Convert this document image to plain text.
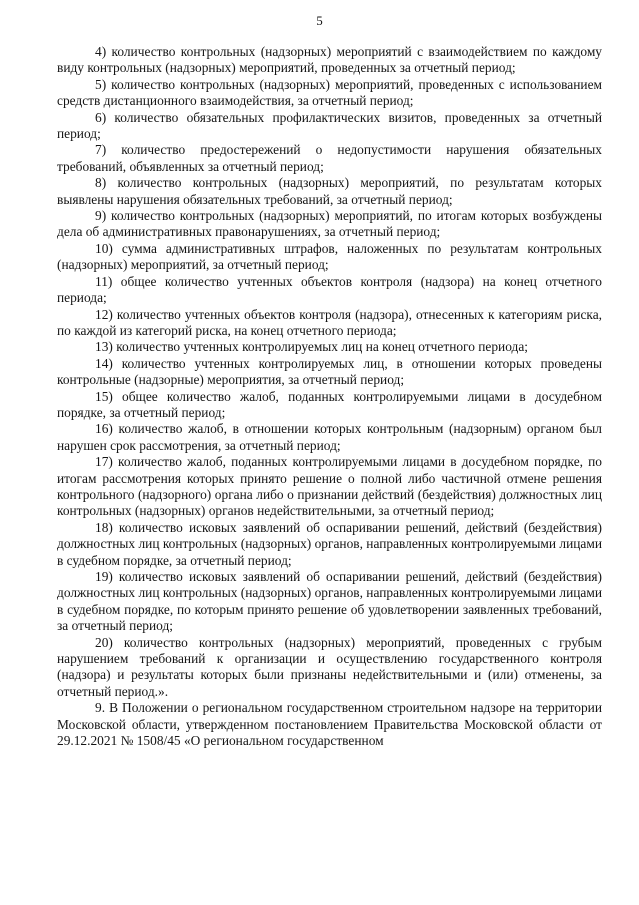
5

4) количество контрольных (надзорных) мероприятий с взаимодействием по каждому виду контрольных (надзорных) мероприятий, проведенных за отчетный период;

5) количество контрольных (надзорных) мероприятий, проведенных с использованием средств дистанционного взаимодействия, за отчетный период;

6) количество обязательных профилактических визитов, проведенных за отчетный период;

7) количество предостережений о недопустимости нарушения обязательных требований, объявленных за отчетный период;

8) количество контрольных (надзорных) мероприятий, по результатам которых выявлены нарушения обязательных требований, за отчетный период;

9) количество контрольных (надзорных) мероприятий, по итогам которых возбуждены дела об административных правонарушениях, за отчетный период;

10) сумма административных штрафов, наложенных по результатам контрольных (надзорных) мероприятий, за отчетный период;

11) общее количество учтенных объектов контроля (надзора) на конец отчетного периода;

12) количество учтенных объектов контроля (надзора), отнесенных к категориям риска, по каждой из категорий риска, на конец отчетного периода;

13) количество учтенных контролируемых лиц на конец отчетного периода;

14) количество учтенных контролируемых лиц, в отношении которых проведены контрольные (надзорные) мероприятия, за отчетный период;

15) общее количество жалоб, поданных контролируемыми лицами в досудебном порядке, за отчетный период;

16) количество жалоб, в отношении которых контрольным (надзорным) органом был нарушен срок рассмотрения, за отчетный период;

17) количество жалоб, поданных контролируемыми лицами в досудебном порядке, по итогам рассмотрения которых принято решение о полной либо частичной отмене решения контрольного (надзорного) органа либо о признании действий (бездействия) должностных лиц контрольных (надзорных) органов недействительными, за отчетный период;

18) количество исковых заявлений об оспаривании решений, действий (бездействия) должностных лиц контрольных (надзорных) органов, направленных контролируемыми лицами в судебном порядке, за отчетный период;

19) количество исковых заявлений об оспаривании решений, действий (бездействия) должностных лиц контрольных (надзорных) органов, направленных контролируемыми лицами в судебном порядке, по которым принято решение об удовлетворении заявленных требований, за отчетный период;

20) количество контрольных (надзорных) мероприятий, проведенных с грубым нарушением требований к организации и осуществлению государственного контроля (надзора) и результаты которых были признаны недействительными и (или) отменены, за отчетный период.».

9. В Положении о региональном государственном строительном надзоре на территории Московской области, утвержденном постановлением Правительства Московской области от 29.12.2021 № 1508/45 «О региональном государственном
